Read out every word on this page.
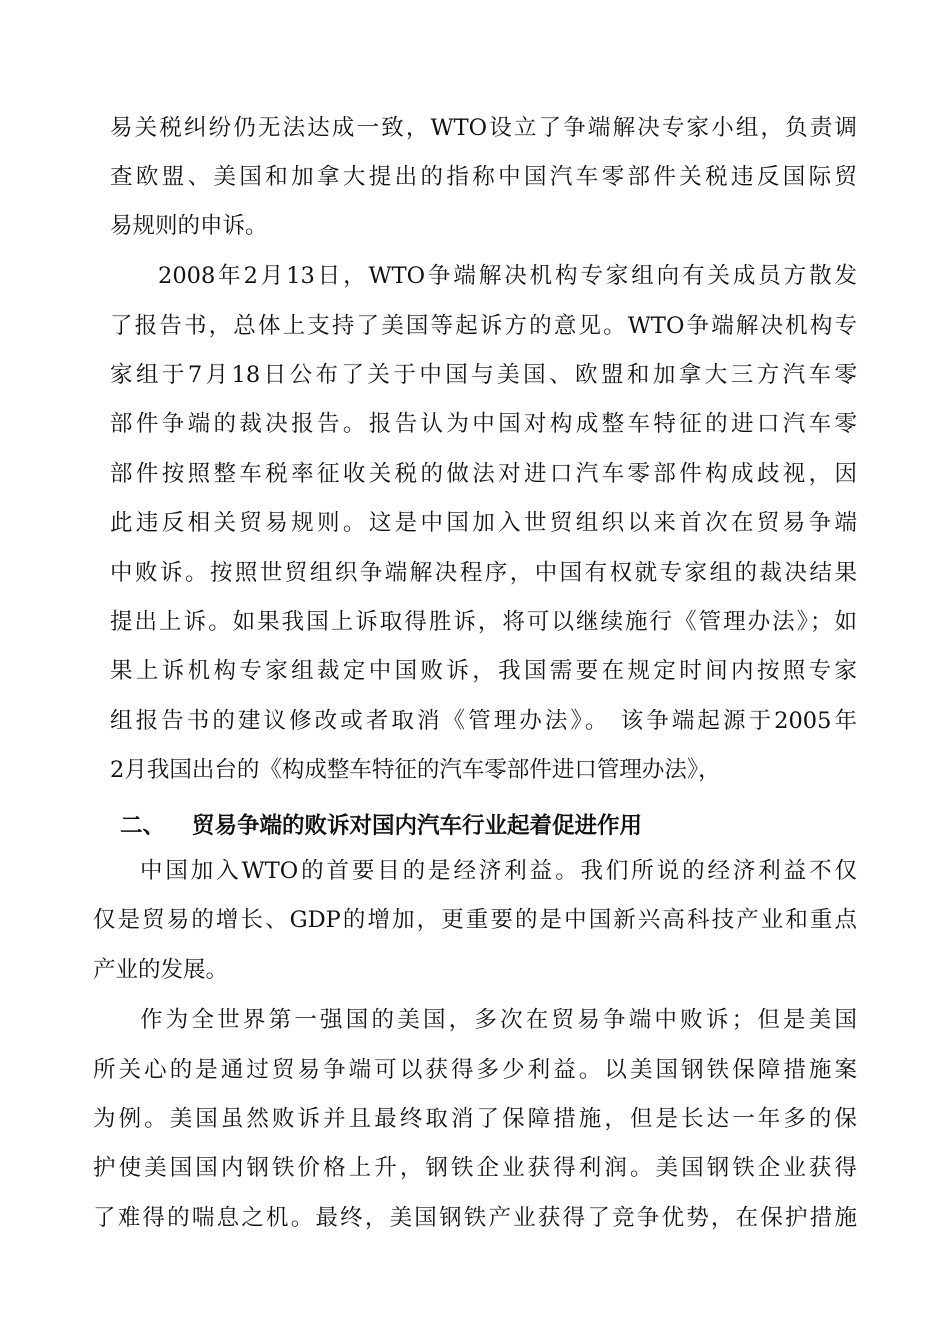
易关税纠纷仍无法达成一致，WTO设立了争端解决专家小组，负责调
查欧盟、美国和加拿大提出的指称中国汽车零部件关税违反国际贸
易规则的申诉。
2008年2月13日，WTO争端解决机构专家组向有关成员方散发
了报告书，总体上支持了美国等起诉方的意见。WTO争端解决机构专
家组于7月18日公布了关于中国与美国、欧盟和加拿大三方汽车零
部件争端的裁决报告。报告认为中国对构成整车特征的进口汽车零
部件按照整车税率征收关税的做法对进口汽车零部件构成歧视，因
此违反相关贸易规则。这是中国加入世贸组织以来首次在贸易争端
中败诉。按照世贸组织争端解决程序，中国有权就专家组的裁决结果
提出上诉。如果我国上诉取得胜诉，将可以继续施行《管理办法》；如
果上诉机构专家组裁定中国败诉，我国需要在规定时间内按照专家
组报告书的建议修改或者取消《管理办法》。 该争端起源于2005年
2月我国出台的《构成整车特征的汽车零部件进口管理办法》，
二、 贸易争端的败诉对国内汽车行业起着促进作用
中国加入WTO的首要目的是经济利益。我们所说的经济利益不仅
仅是贸易的增长、GDP的增加，更重要的是中国新兴高科技产业和重点
产业的发展。
作为全世界第一强国的美国，多次在贸易争端中败诉；但是美国
所关心的是通过贸易争端可以获得多少利益。以美国钢铁保障措施案
为例。美国虽然败诉并且最终取消了保障措施，但是长达一年多的保
护使美国国内钢铁价格上升，钢铁企业获得利润。美国钢铁企业获得
了难得的喘息之机。最终，美国钢铁产业获得了竞争优势，在保护措施
